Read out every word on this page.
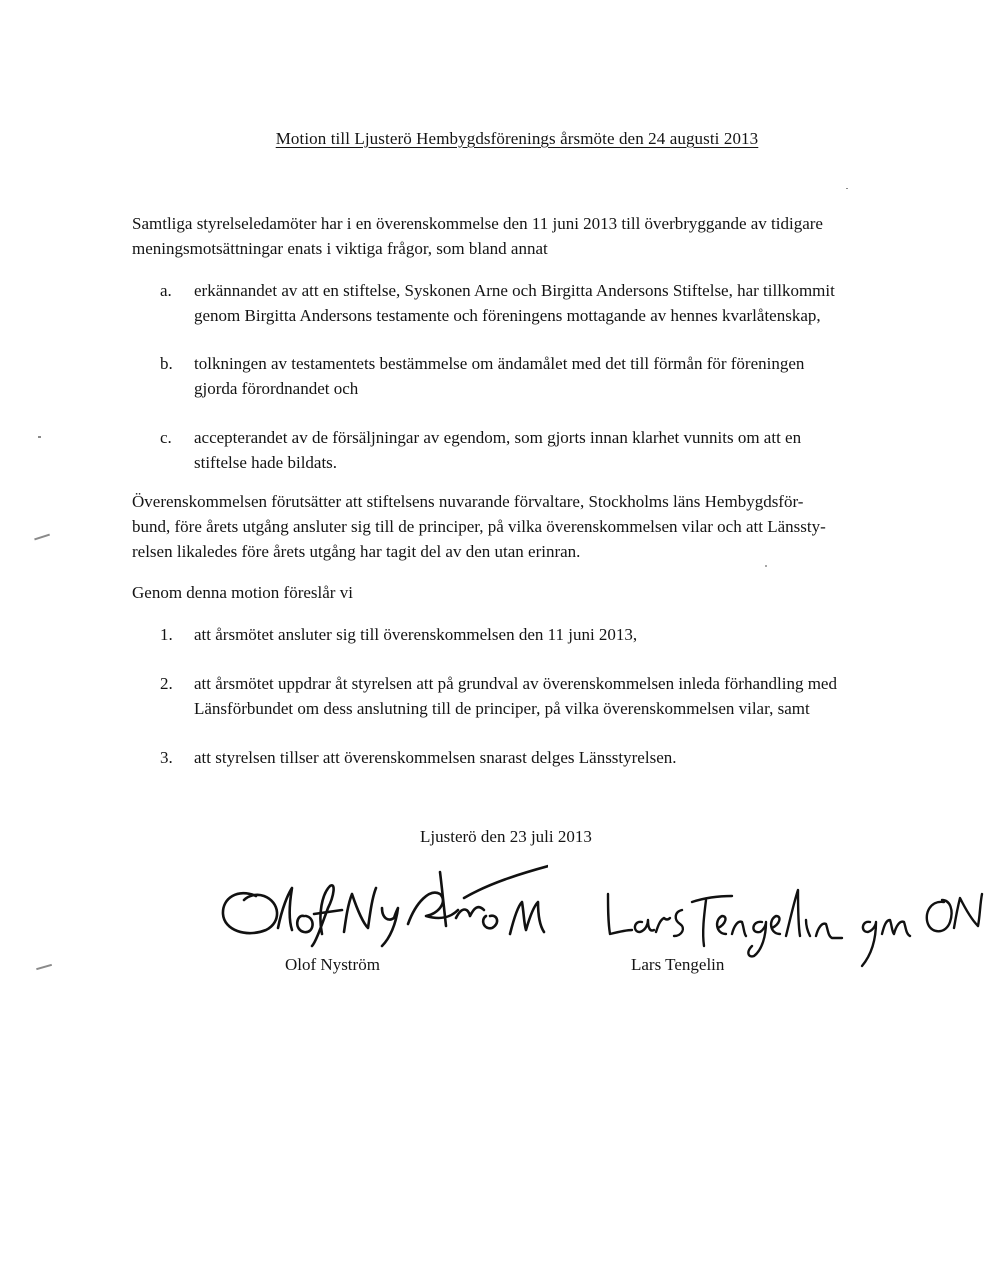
Motion till Ljusterö Hembygdsförenings årsmöte den 24 augusti 2013
Samtliga styrelseledamöter har i en överenskommelse den 11 juni 2013 till överbryggande av tidigare meningsmotsättningar enats i viktiga frågor, som bland annat
a. erkännandet av att en stiftelse, Syskonen Arne och Birgitta Andersons Stiftelse, har tillkommit
genom Birgitta Andersons testamente och föreningens mottagande av hennes kvarlåtenskap,
b. tolkningen av testamentets bestämmelse om ändamålet med det till förmån för föreningen
gjorda förordnandet och
c. accepterandet av de försäljningar av egendom, som gjorts innan klarhet vunnits om att en
stiftelse hade bildats.
Överenskommelsen förutsätter att stiftelsens nuvarande förvaltare, Stockholms läns Hembygdsför-
bund, före årets utgång ansluter sig till de principer, på vilka överenskommelsen vilar och att Länssty-
relsen likaledes före årets utgång har tagit del av den utan erinran.
Genom denna motion föreslår vi
1. att årsmötet ansluter sig till överenskommelsen den 11 juni 2013,
2. att årsmötet uppdrar åt styrelsen att på grundval av överenskommelsen inleda förhandling med
Länsförbundet om dess anslutning till de principer, på vilka överenskommelsen vilar, samt
3. att styrelsen tillser att överenskommelsen snarast delges Länsstyrelsen.
Ljusterö den 23 juli 2013
Olof Nyström	Lars Tengelin
